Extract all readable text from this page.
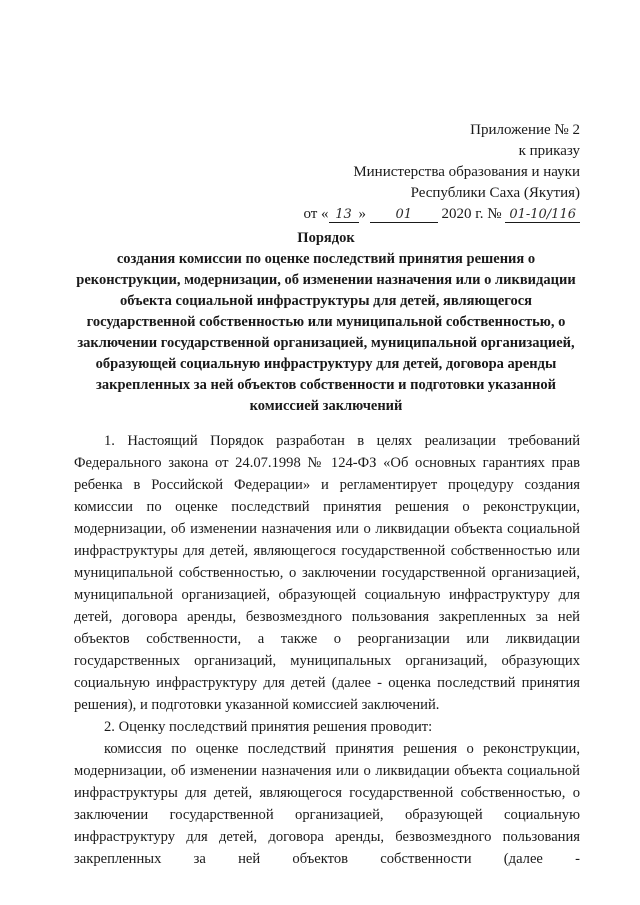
Приложение № 2
к приказу
Министерства образования и науки
Республики Саха (Якутия)
от « 13 » 01 2020 г. № 01-10/116
Порядок
создания комиссии по оценке последствий принятия решения о реконструкции, модернизации, об изменении назначения или о ликвидации объекта социальной инфраструктуры для детей, являющегося государственной собственностью или муниципальной собственностью, о заключении государственной организацией, муниципальной организацией, образующей социальную инфраструктуру для детей, договора аренды закрепленных за ней объектов собственности и подготовки указанной комиссией заключений

1. Настоящий Порядок разработан в целях реализации требований Федерального закона от 24.07.1998 № 124-ФЗ «Об основных гарантиях прав ребенка в Российской Федерации» и регламентирует процедуру создания комиссии по оценке последствий принятия решения о реконструкции, модернизации, об изменении назначения или о ликвидации объекта социальной инфраструктуры для детей, являющегося государственной собственностью или муниципальной собственностью, о заключении государственной организацией, муниципальной организацией, образующей социальную инфраструктуру для детей, договора аренды, безвозмездного пользования закрепленных за ней объектов собственности, а также о реорганизации или ликвидации государственных организаций, муниципальных организаций, образующих социальную инфраструктуру для детей (далее - оценка последствий принятия решения), и подготовки указанной комиссией заключений.

2. Оценку последствий принятия решения проводит:

комиссия по оценке последствий принятия решения о реконструкции, модернизации, об изменении назначения или о ликвидации объекта социальной инфраструктуры для детей, являющегося государственной собственностью, о заключении государственной организацией, образующей социальную инфраструктуру для детей, договора аренды, безвозмездного пользования закрепленных за ней объектов собственности (далее -
